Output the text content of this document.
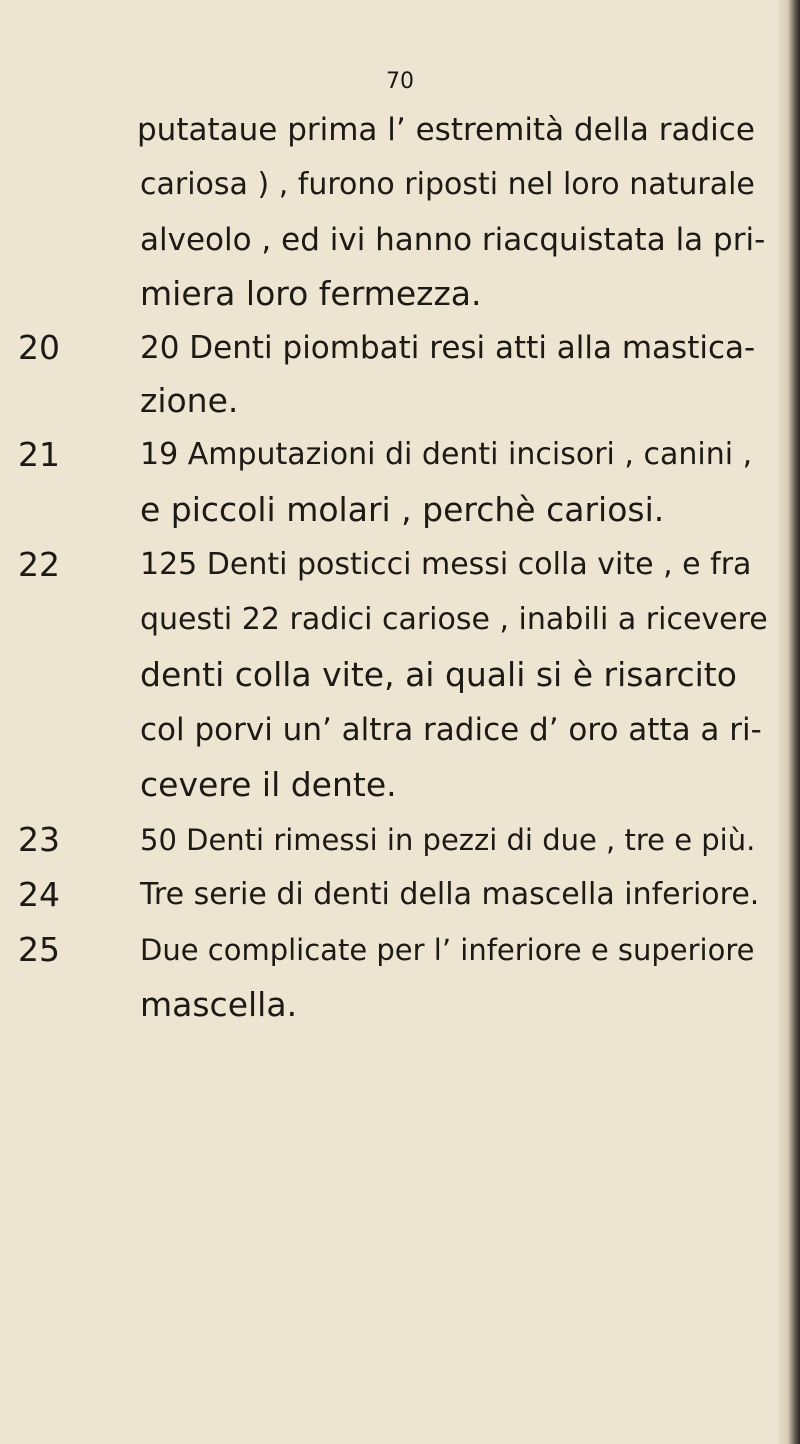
70
putataue prima l’ estremità della radice
cariosa ) , furono riposti nel loro naturale
alveolo , ed ivi hanno riacquistata la pri-
miera loro fermezza.
20 Denti piombati resi atti alla mastica-
20
zione.
19 Amputazioni di denti incisori , canini ,
21
e piccoli molari , perchè cariosi.
125 Denti posticci messi colla vite , e fra
22
questi 22 radici cariose , inabili a ricevere
denti colla vite, ai quali si è risarcito
col porvi un’ altra radice d’ oro atta a ri-
cevere il dente.
50 Denti rimessi in pezzi di due , tre e più.
23
Tre serie di denti della mascella inferiore.
24
Due complicate per l’ inferiore e superiore
25
mascella.
